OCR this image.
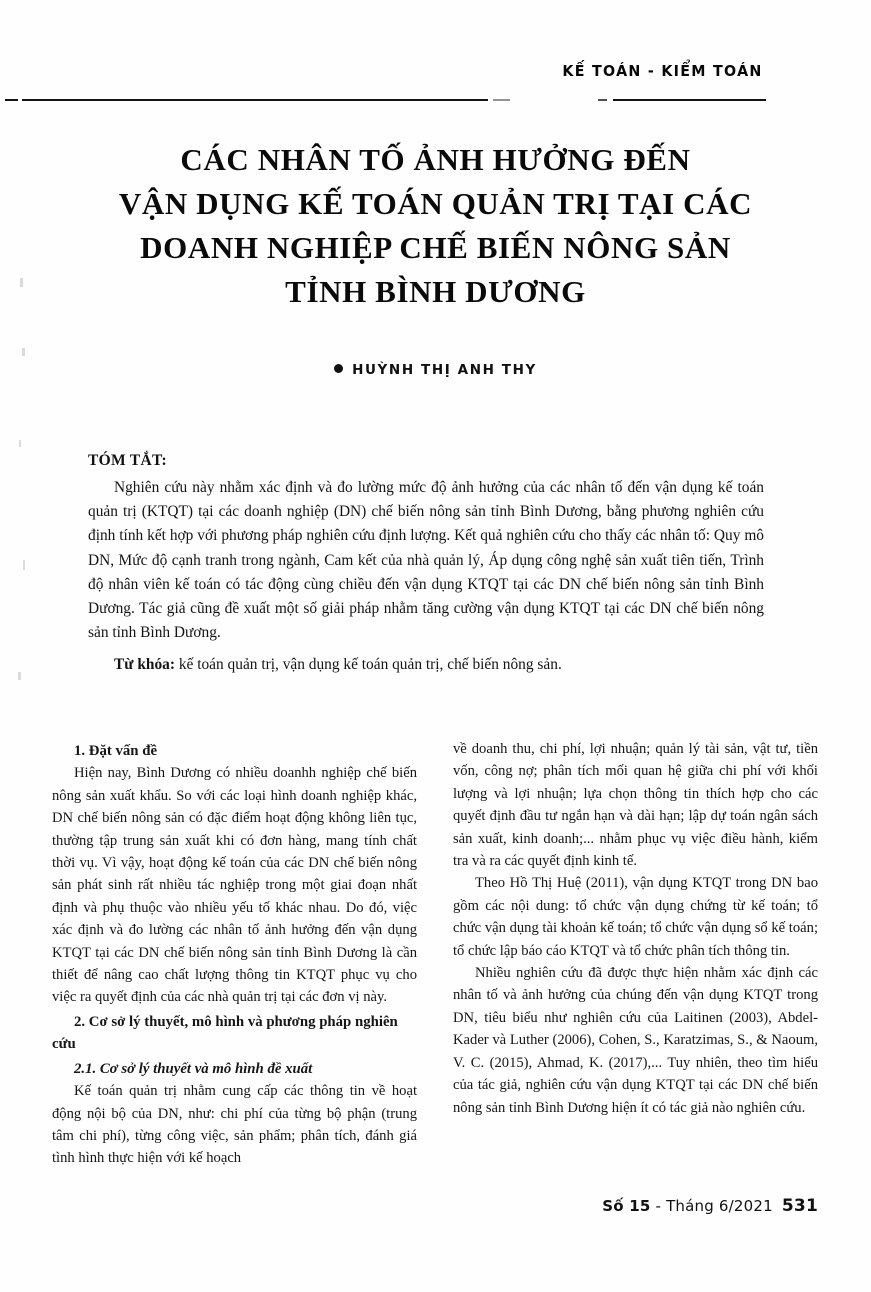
KẾ TOÁN - KIỂM TOÁN
CÁC NHÂN TỐ ẢNH HƯỞNG ĐẾN
VẬN DỤNG KẾ TOÁN QUẢN TRỊ TẠI CÁC
DOANH NGHIỆP CHẾ BIẾN NÔNG SẢN
TỈNH BÌNH DƯƠNG
HUỲNH THỊ ANH THY
TÓM TẮT:
Nghiên cứu này nhằm xác định và đo lường mức độ ảnh hưởng của các nhân tố đến vận dụng kế toán quản trị (KTQT) tại các doanh nghiệp (DN) chế biến nông sản tỉnh Bình Dương, bằng phương nghiên cứu định tính kết hợp với phương pháp nghiên cứu định lượng. Kết quả nghiên cứu cho thấy các nhân tố: Quy mô DN, Mức độ cạnh tranh trong ngành, Cam kết của nhà quản lý, Áp dụng công nghệ sản xuất tiên tiến, Trình độ nhân viên kế toán có tác động cùng chiều đến vận dụng KTQT tại các DN chế biến nông sản tỉnh Bình Dương. Tác giả cũng đề xuất một số giải pháp nhằm tăng cường vận dụng KTQT tại các DN chế biến nông sản tỉnh Bình Dương.
Từ khóa: kế toán quản trị, vận dụng kế toán quản trị, chế biến nông sản.
1. Đặt vấn đề

Hiện nay, Bình Dương có nhiều doanhh nghiệp chế biến nông sản xuất khẩu. So với các loại hình doanh nghiệp khác, DN chế biến nông sản có đặc điểm hoạt động không liên tục, thường tập trung sản xuất khi có đơn hàng, mang tính chất thời vụ. Vì vậy, hoạt động kế toán của các DN chế biến nông sản phát sinh rất nhiều tác nghiệp trong một giai đoạn nhất định và phụ thuộc vào nhiều yếu tố khác nhau. Do đó, việc xác định và đo lường các nhân tố ảnh hưởng đến vận dụng KTQT tại các DN chế biến nông sản tỉnh Bình Dương là cần thiết để nâng cao chất lượng thông tin KTQT phục vụ cho việc ra quyết định của các nhà quản trị tại các đơn vị này.

2. Cơ sở lý thuyết, mô hình và phương pháp nghiên cứu
2.1. Cơ sở lý thuyết và mô hình đề xuất

Kế toán quản trị nhằm cung cấp các thông tin về hoạt động nội bộ của DN, như: chi phí của từng bộ phận (trung tâm chi phí), từng công việc, sản phẩm; phân tích, đánh giá tình hình thực hiện với kế hoạch

về doanh thu, chi phí, lợi nhuận; quản lý tài sản, vật tư, tiền vốn, công nợ; phân tích mối quan hệ giữa chi phí với khối lượng và lợi nhuận; lựa chọn thông tin thích hợp cho các quyết định đầu tư ngắn hạn và dài hạn; lập dự toán ngân sách sản xuất, kinh doanh;... nhằm phục vụ việc điều hành, kiểm tra và ra các quyết định kinh tế.

Theo Hồ Thị Huệ (2011), vận dụng KTQT trong DN bao gồm các nội dung: tổ chức vận dụng chứng từ kế toán; tổ chức vận dụng tài khoản kế toán; tổ chức vận dụng sổ kế toán; tổ chức lập báo cáo KTQT và tổ chức phân tích thông tin.

Nhiều nghiên cứu đã được thực hiện nhằm xác định các nhân tố và ảnh hưởng của chúng đến vận dụng KTQT trong DN, tiêu biểu như nghiên cứu của Laitinen (2003), Abdel-Kader và Luther (2006), Cohen, S., Karatzimas, S., & Naoum, V. C. (2015), Ahmad, K. (2017),... Tuy nhiên, theo tìm hiểu của tác giả, nghiên cứu vận dụng KTQT tại các DN chế biến nông sản tỉnh Bình Dương hiện ít có tác giả nào nghiên cứu.

Số 15 - Tháng 6/2021 531
